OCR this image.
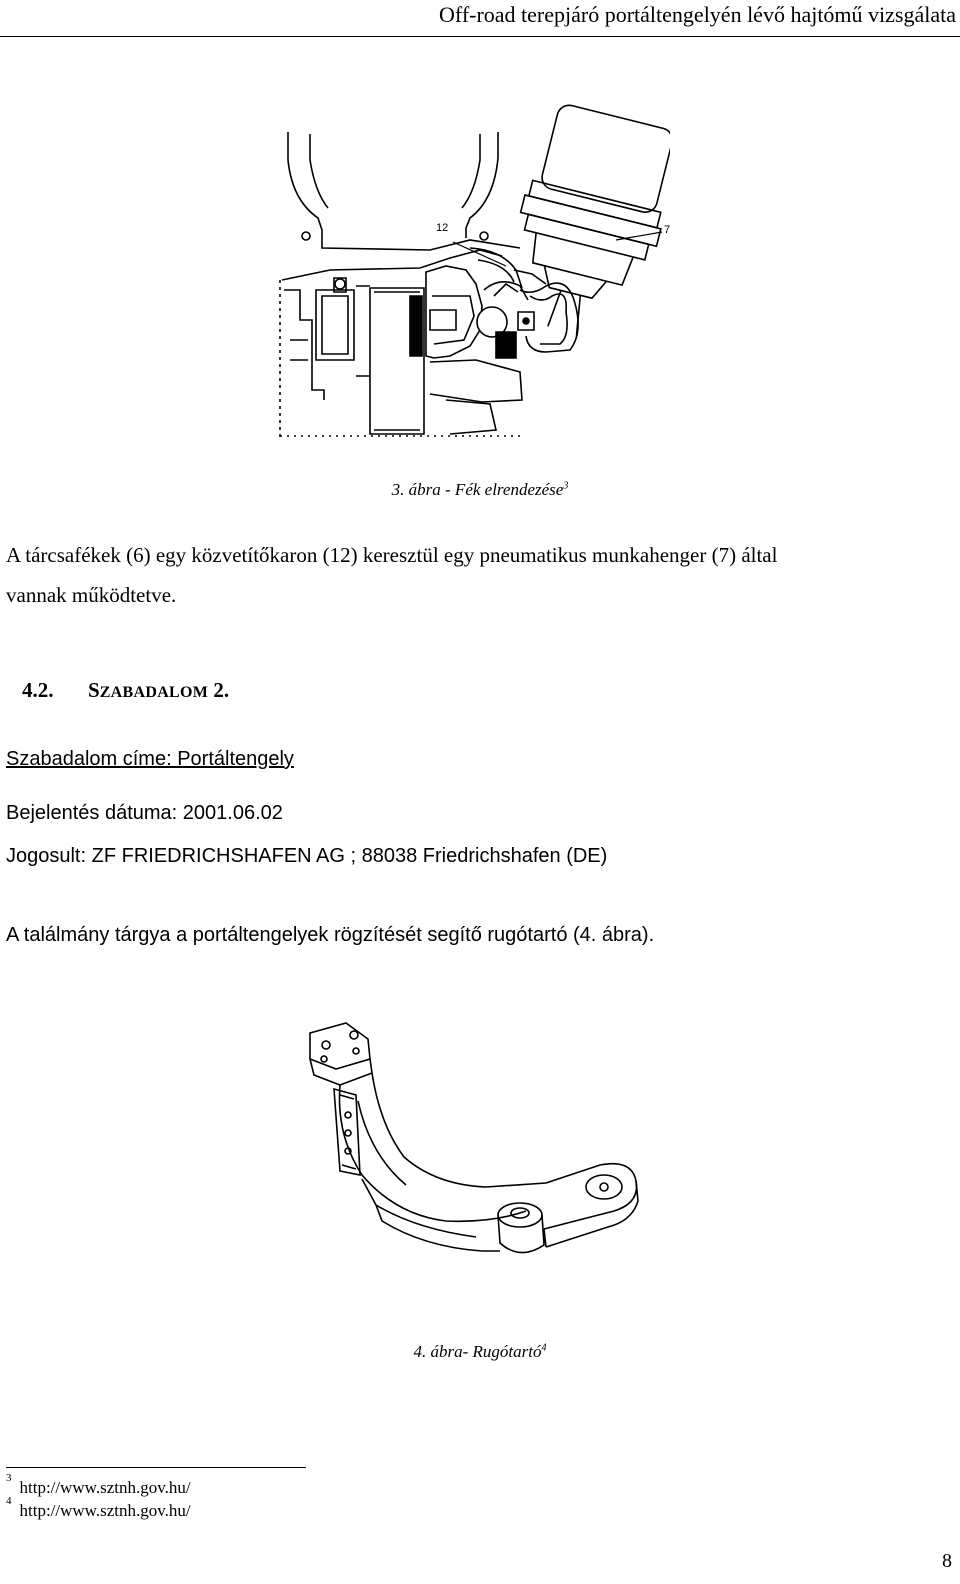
Off-road terepjáró portáltengelyén lévő hajtómű vizsgálata
12	7
3. ábra - Fék elrendezése$^3$
A tárcsafékek (6) egy közvetítőkaron (12) keresztül egy pneumatikus munkahenger (7) által
vannak működtetve.
4.2. SZABADALOM 2.
Szabadalom címe: Portáltengely
Bejelentés dátuma: 2001.06.02
Jogosult: ZF FRIEDRICHSHAFEN AG ; 88038 Friedrichshafen (DE)
A találmány tárgya a portáltengelyek rögzítését segítő rugótartó (4. ábra).
4. ábra- Rugótartó$^4$
$^3$ http://www.sztnh.gov.hu/
$^4$ http://www.sztnh.gov.hu/
8
